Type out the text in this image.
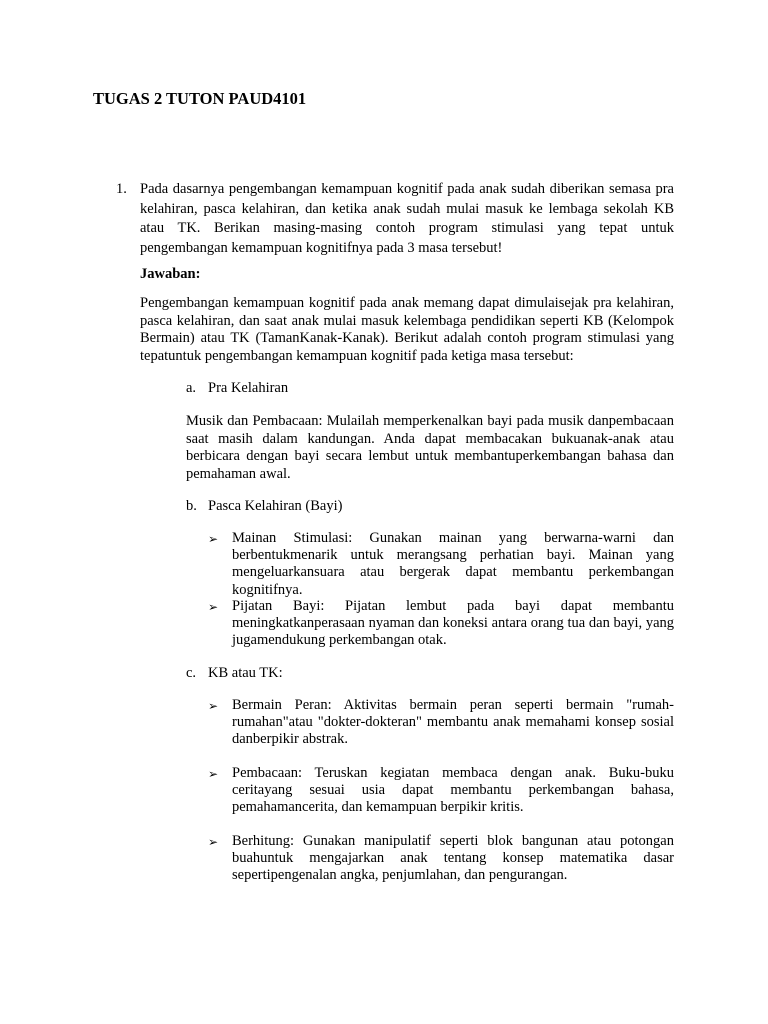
TUGAS 2 TUTON PAUD4101
1. Pada dasarnya pengembangan kemampuan kognitif pada anak sudah diberikan semasa pra kelahiran, pasca kelahiran, dan ketika anak sudah mulai masuk ke lembaga sekolah KB atau TK. Berikan masing-masing contoh program stimulasi yang tepat untuk pengembangan kemampuan kognitifnya pada 3 masa tersebut!

Jawaban:

Pengembangan kemampuan kognitif pada anak memang dapat dimulaisejak pra kelahiran, pasca kelahiran, dan saat anak mulai masuk kelembaga pendidikan seperti KB (Kelompok Bermain) atau TK (TamanKanak-Kanak). Berikut adalah contoh program stimulasi yang tepatuntuk pengembangan kemampuan kognitif pada ketiga masa tersebut:

a. Pra Kelahiran

Musik dan Pembacaan: Mulailah memperkenalkan bayi pada musik danpembacaan saat masih dalam kandungan. Anda dapat membacakan bukuanak-anak atau berbicara dengan bayi secara lembut untuk membantuperkembangan bahasa dan pemahaman awal.

b. Pasca Kelahiran (Bayi)
➢ Mainan Stimulasi: Gunakan mainan yang berwarna-warni dan berbentukmenarik untuk merangsang perhatian bayi. Mainan yang mengeluarkansuara atau bergerak dapat membantu perkembangan kognitifnya.

➢ Pijatan Bayi: Pijatan lembut pada bayi dapat membantu meningkatkanperasaan nyaman dan koneksi antara orang tua dan bayi, yang jugamendukung perkembangan otak.

c. KB atau TK:
➢ Bermain Peran: Aktivitas bermain peran seperti bermain "rumah-rumahan"atau "dokter-dokteran" membantu anak memahami konsep sosial danberpikir abstrak.

➢ Pembacaan: Teruskan kegiatan membaca dengan anak. Buku-buku ceritayang sesuai usia dapat membantu perkembangan bahasa, pemahamancerita, dan kemampuan berpikir kritis.

➢ Berhitung: Gunakan manipulatif seperti blok bangunan atau potongan buahuntuk mengajarkan anak tentang konsep matematika dasar sepertipengenalan angka, penjumlahan, dan pengurangan.
